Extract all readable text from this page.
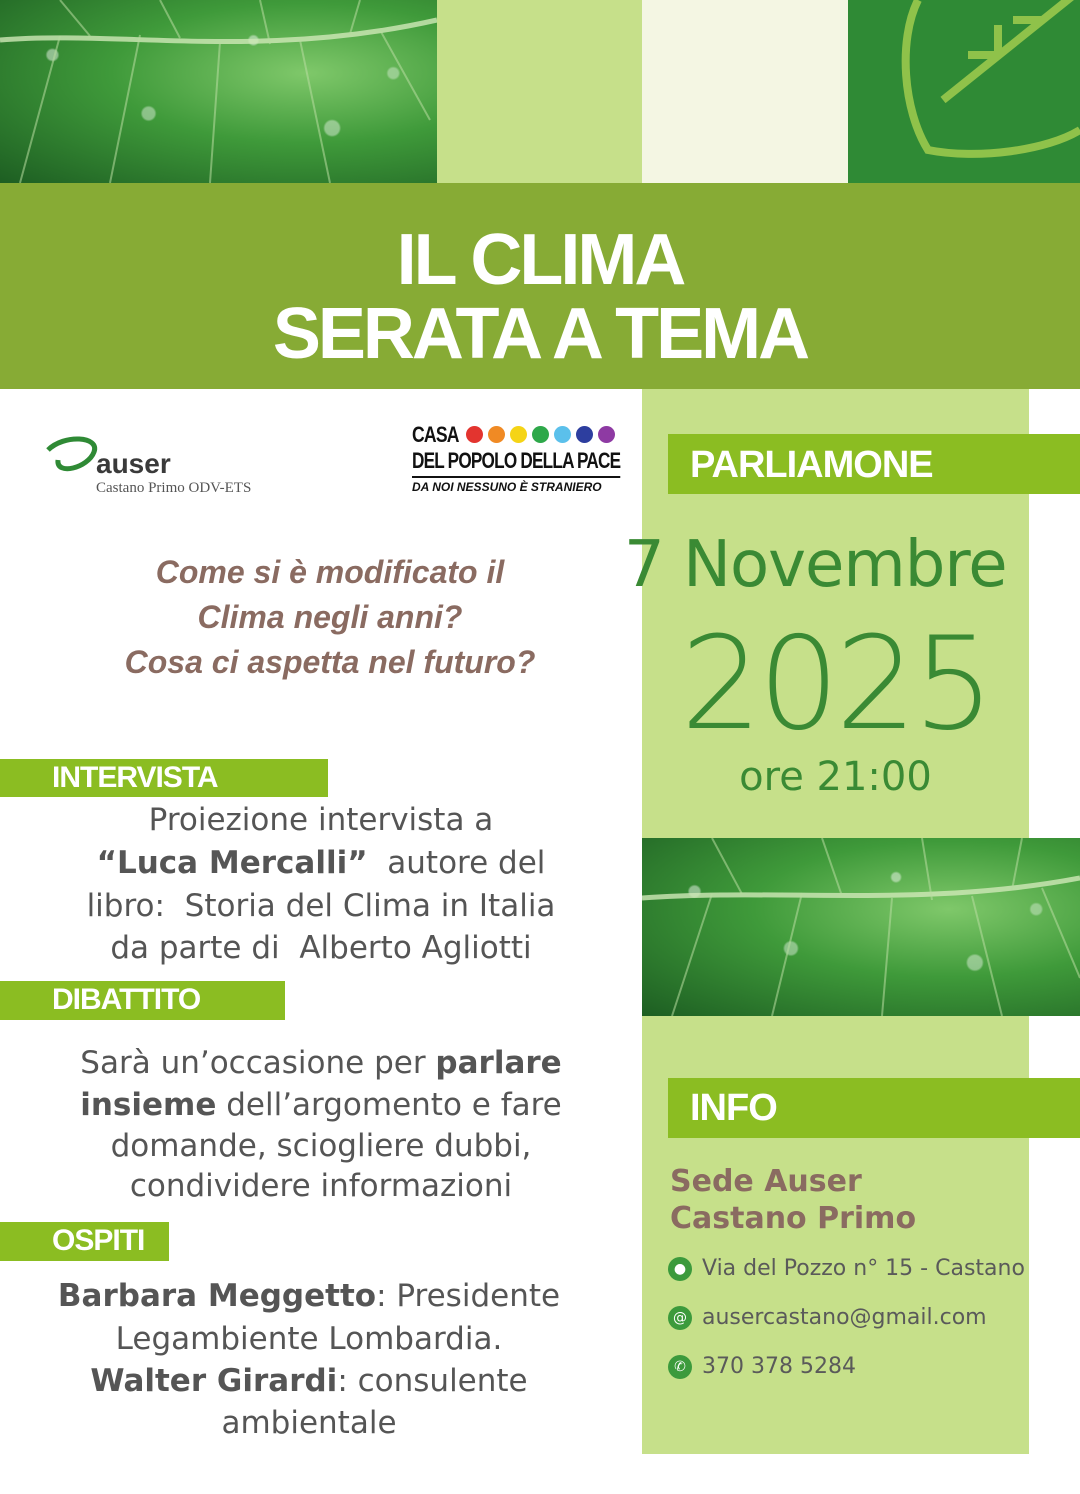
IL CLIMA
SERATA A TEMA
auser
Castano Primo ODV-ETS
CASA
DEL POPOLO DELLA PACE
DA NOI NESSUNO È STRANIERO
Come si è modificato il
Clima negli anni?
Cosa ci aspetta nel futuro?
INTERVISTA
Proiezione intervista a
“Luca Mercalli”  autore del
libro:  Storia del Clima in Italia
da parte di  Alberto Agliotti
DIBATTITO
Sarà un’occasione per parlare
insieme dell’argomento e fare
domande, sciogliere dubbi,
condividere informazioni
OSPITI
Barbara Meggetto: Presidente
Legambiente Lombardia.
Walter Girardi: consulente
ambientale
PARLIAMONE
7 Novembre
2025
ore 21:00
INFO
Sede Auser
Castano Primo
● Via del Pozzo n° 15 - Castano
@ ausercastano@gmail.com
✆ 370 378 5284
